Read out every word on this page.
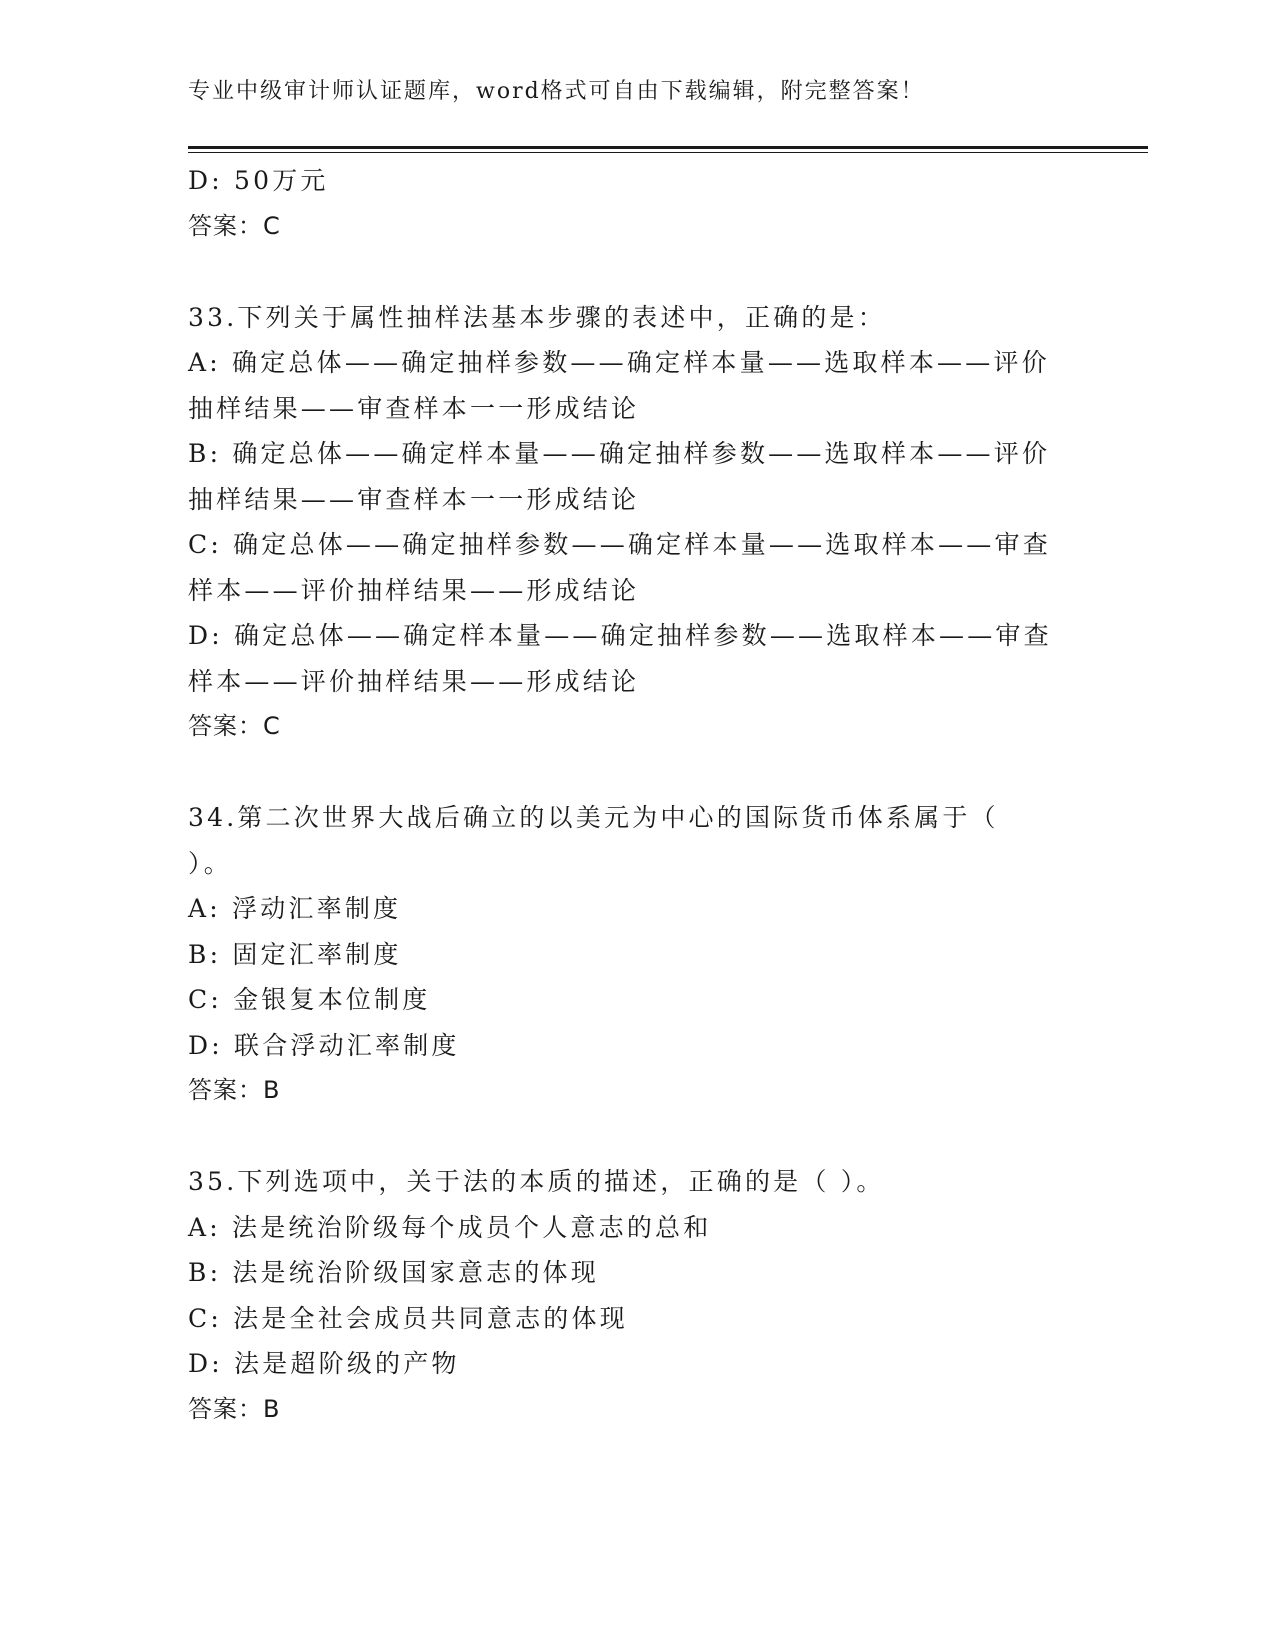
专业中级审计师认证题库，word格式可自由下载编辑，附完整答案！
D: 50万元
答案：C
33.下列关于属性抽样法基本步骤的表述中，正确的是：
A: 确定总体——确定抽样参数——确定样本量——选取样本——评价
抽样结果——审查样本一一形成结论
B: 确定总体——确定样本量——确定抽样参数——选取样本——评价
抽样结果——审查样本一一形成结论
C: 确定总体——确定抽样参数——确定样本量——选取样本——审查
样本——评价抽样结果——形成结论
D: 确定总体——确定样本量——确定抽样参数——选取样本——审查
样本——评价抽样结果——形成结论
答案：C
34.第二次世界大战后确立的以美元为中心的国际货币体系属于（
）。
A: 浮动汇率制度
B: 固定汇率制度
C: 金银复本位制度
D: 联合浮动汇率制度
答案：B
35.下列选项中，关于法的本质的描述，正确的是（ ）。
A: 法是统治阶级每个成员个人意志的总和
B: 法是统治阶级国家意志的体现
C: 法是全社会成员共同意志的体现
D: 法是超阶级的产物
答案：B
